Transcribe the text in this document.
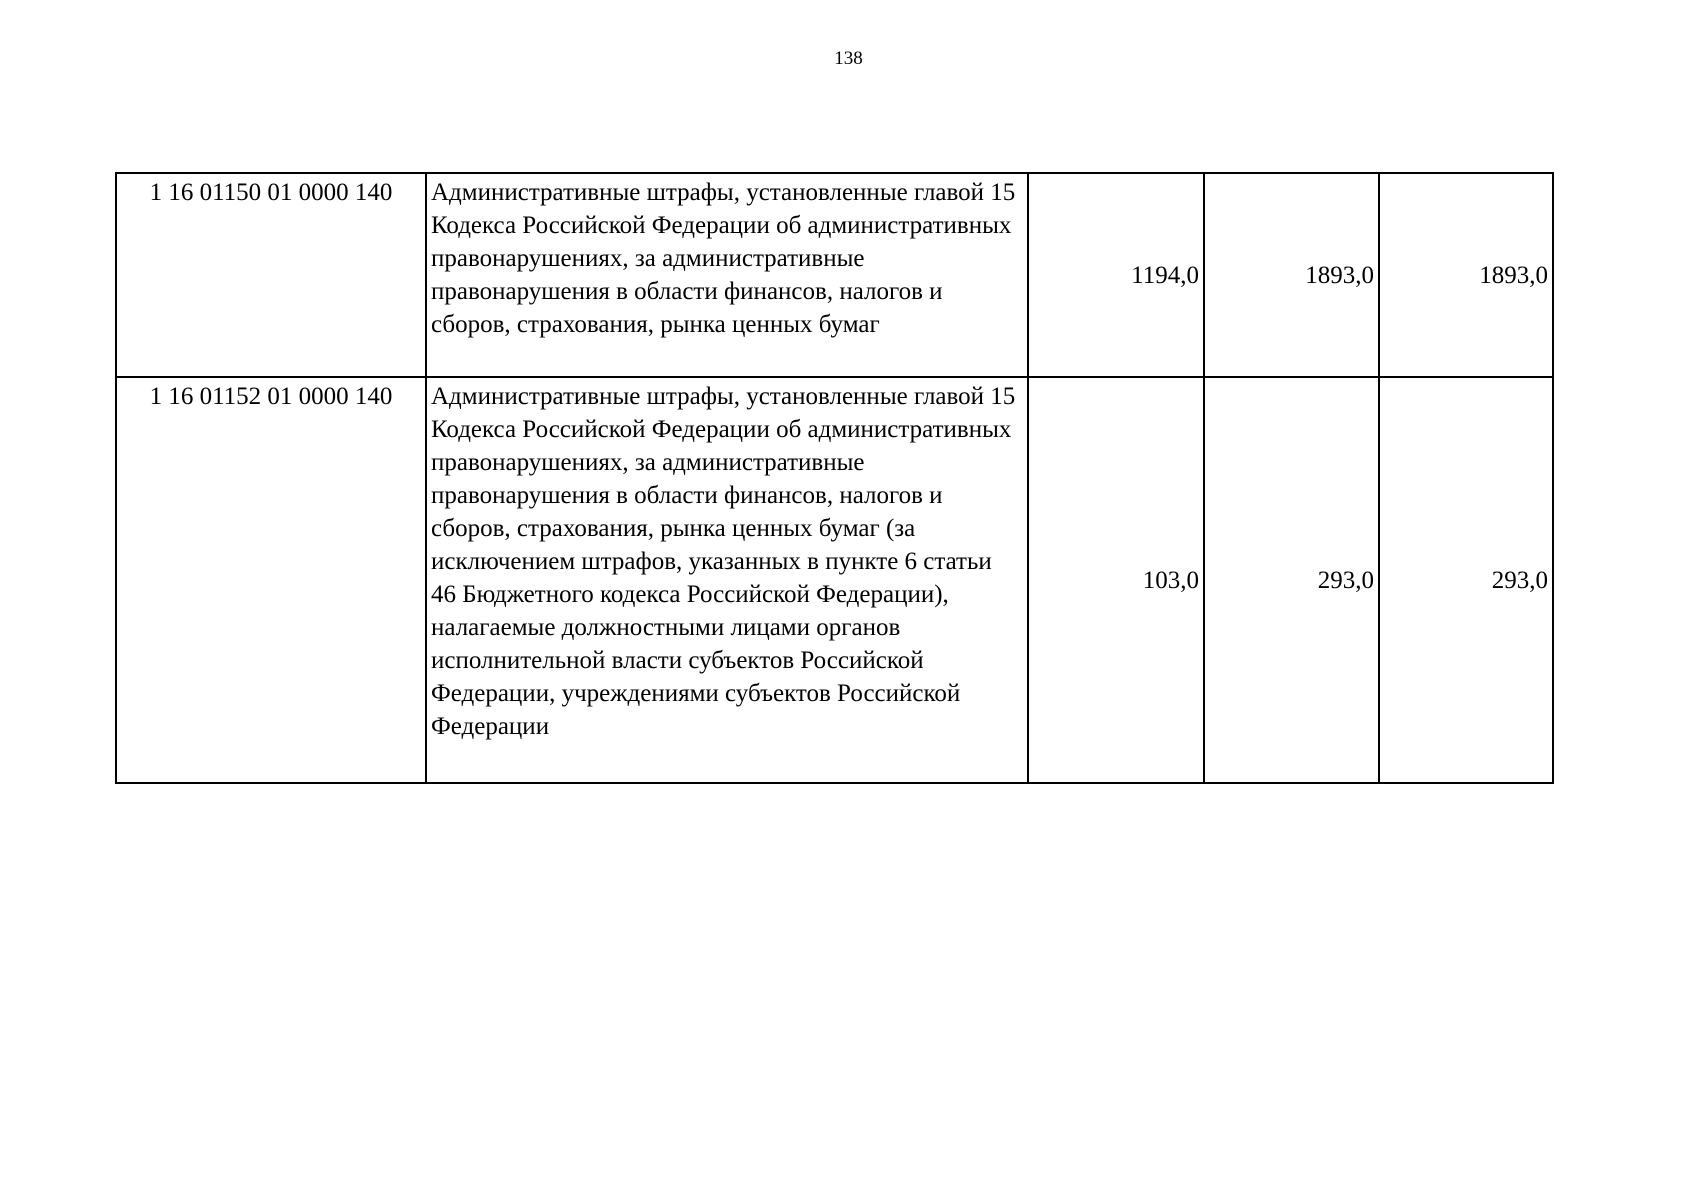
138
1 16 01150 01 0000 140	Административные штрафы, установленные главой 15 Кодекса Российской Федерации об административных правонарушениях, за административные правонарушения в области финансов, налогов и сборов, страхования, рынка ценных бумаг	1194,0	1893,0	1893,0
1 16 01152 01 0000 140	Административные штрафы, установленные главой 15 Кодекса Российской Федерации об административных правонарушениях, за административные правонарушения в области финансов, налогов и сборов, страхования, рынка ценных бумаг (за исключением штрафов, указанных в пункте 6 статьи 46 Бюджетного кодекса Российской Федерации), налагаемые должностными лицами органов исполнительной власти субъектов Российской Федерации, учреждениями субъектов Российской Федерации	103,0	293,0	293,0
